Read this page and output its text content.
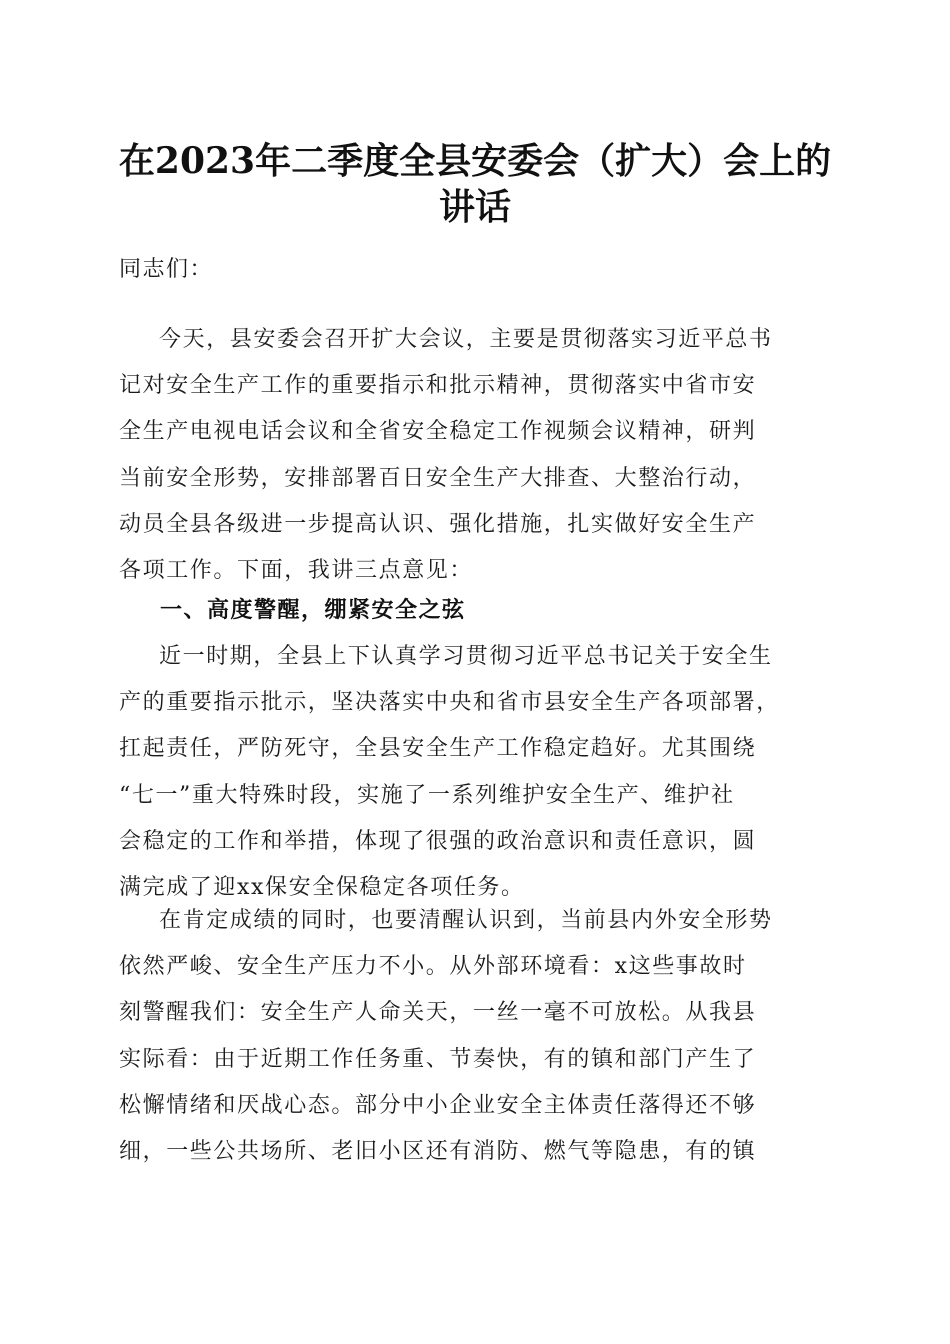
在2023年二季度全县安委会（扩大）会上的
讲话
同志们：
今天，县安委会召开扩大会议，主要是贯彻落实习近平总书
记对安全生产工作的重要指示和批示精神，贯彻落实中省市安
全生产电视电话会议和全省安全稳定工作视频会议精神，研判
当前安全形势，安排部署百日安全生产大排查、大整治行动，
动员全县各级进一步提高认识、强化措施，扎实做好安全生产
各项工作。下面，我讲三点意见：
一、高度警醒，绷紧安全之弦
近一时期，全县上下认真学习贯彻习近平总书记关于安全生
产的重要指示批示，坚决落实中央和省市县安全生产各项部署，
扛起责任，严防死守，全县安全生产工作稳定趋好。尤其围绕
“七一”重大特殊时段，实施了一系列维护安全生产、维护社
会稳定的工作和举措，体现了很强的政治意识和责任意识，圆
满完成了迎xx保安全保稳定各项任务。
在肯定成绩的同时，也要清醒认识到，当前县内外安全形势
依然严峻、安全生产压力不小。从外部环境看：x这些事故时
刻警醒我们：安全生产人命关天，一丝一毫不可放松。从我县
实际看：由于近期工作任务重、节奏快，有的镇和部门产生了
松懈情绪和厌战心态。部分中小企业安全主体责任落得还不够
细，一些公共场所、老旧小区还有消防、燃气等隐患，有的镇
